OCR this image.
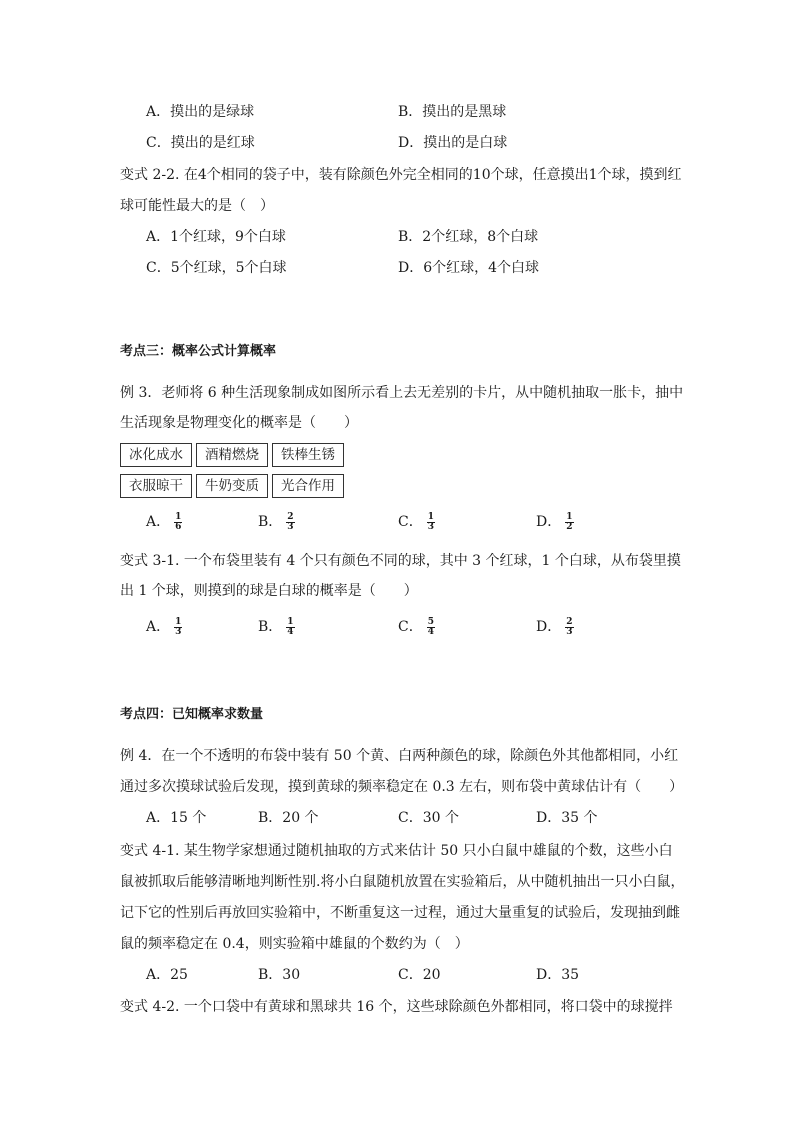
A．摸出的是绿球	B．摸出的是黑球
C．摸出的是红球	D．摸出的是白球
变式 2-2. 在4个相同的袋子中，装有除颜色外完全相同的10个球，任意摸出1个球，摸到红
球可能性最大的是（　）
A．1个红球，9个白球	B．2个红球，8个白球
C．5个红球，5个白球	D．6个红球，4个白球
考点三：概率公式计算概率
例 3．老师将 6 种生活现象制成如图所示看上去无差别的卡片，从中随机抽取一胀卡，抽中
生活现象是物理变化的概率是（　　）
冰化成水	酒精燃烧	铁棒生锈
衣服晾干	牛奶变质	光合作用
A． $\frac{1}{6}$	B． $\frac{2}{3}$	C． $\frac{1}{3}$	D． $\frac{1}{2}$
变式 3-1. 一个布袋里装有 4 个只有颜色不同的球，其中 3 个红球，1 个白球，从布袋里摸
出 1 个球，则摸到的球是白球的概率是（　　）
A． $\frac{1}{3}$	B． $\frac{1}{4}$	C． $\frac{5}{4}$	D． $\frac{2}{3}$
考点四：已知概率求数量
例 4．在一个不透明的布袋中装有 50 个黄、白两种颜色的球，除颜色外其他都相同，小红
通过多次摸球试验后发现，摸到黄球的频率稳定在 0.3 左右，则布袋中黄球估计有（　　）
A．15 个	B．20 个	C．30 个	D．35 个
变式 4-1. 某生物学家想通过随机抽取的方式来估计 50 只小白鼠中雄鼠的个数，这些小白
鼠被抓取后能够清晰地判断性别.将小白鼠随机放置在实验箱后，从中随机抽出一只小白鼠，
记下它的性别后再放回实验箱中，不断重复这一过程，通过大量重复的试验后，发现抽到雌
鼠的频率稳定在 0.4，则实验箱中雄鼠的个数约为（　）
A．25	B．30	C．20	D．35
变式 4-2. 一个口袋中有黄球和黑球共 16 个，这些球除颜色外都相同，将口袋中的球搅拌
